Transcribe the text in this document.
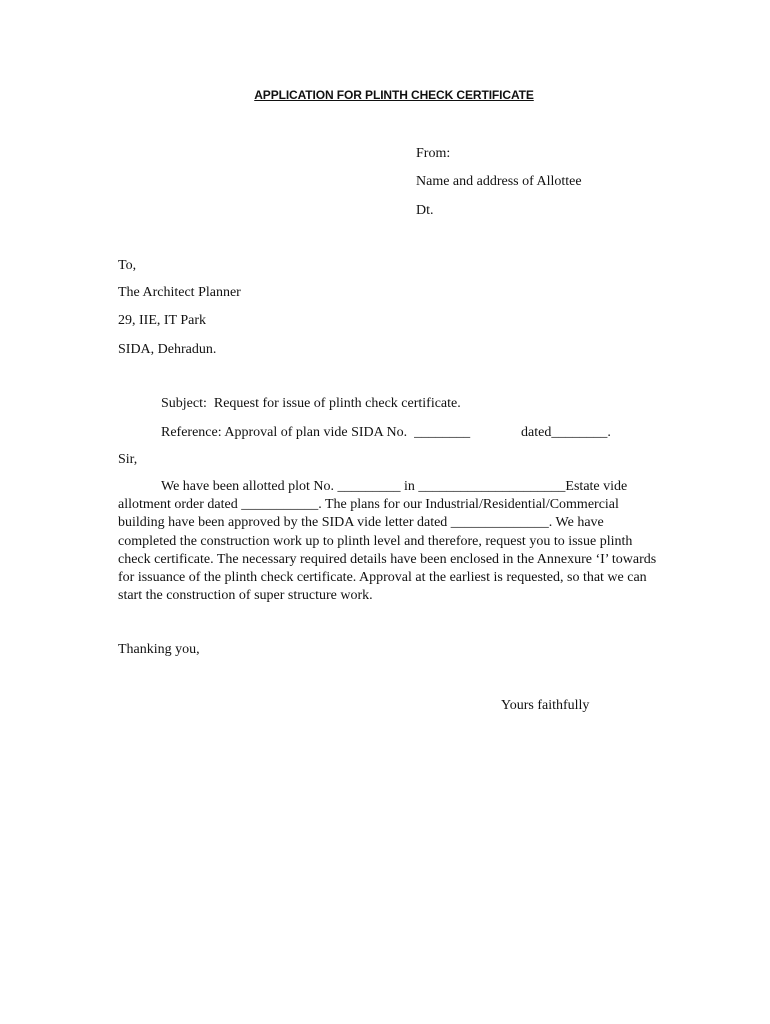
APPLICATION FOR PLINTH CHECK CERTIFICATE
From:
Name and address of Allottee
Dt.
To,
The Architect Planner
29, IIE, IT Park
SIDA, Dehradun.
Subject:  Request for issue of plinth check certificate.
Reference: Approval of plan vide SIDA No.  ________	dated________.
Sir,
We have been allotted plot No. _________ in _____________________Estate vide
allotment order dated ___________. The plans for our Industrial/Residential/Commercial
building have been approved by the SIDA vide letter dated ______________. We have
completed the construction work up to plinth level and therefore, request you to issue plinth
check certificate. The necessary required details have been enclosed in the Annexure ‘I’ towards
for issuance of the plinth check certificate. Approval at the earliest is requested, so that we can
start the construction of super structure work.
Thanking you,
Yours faithfully
